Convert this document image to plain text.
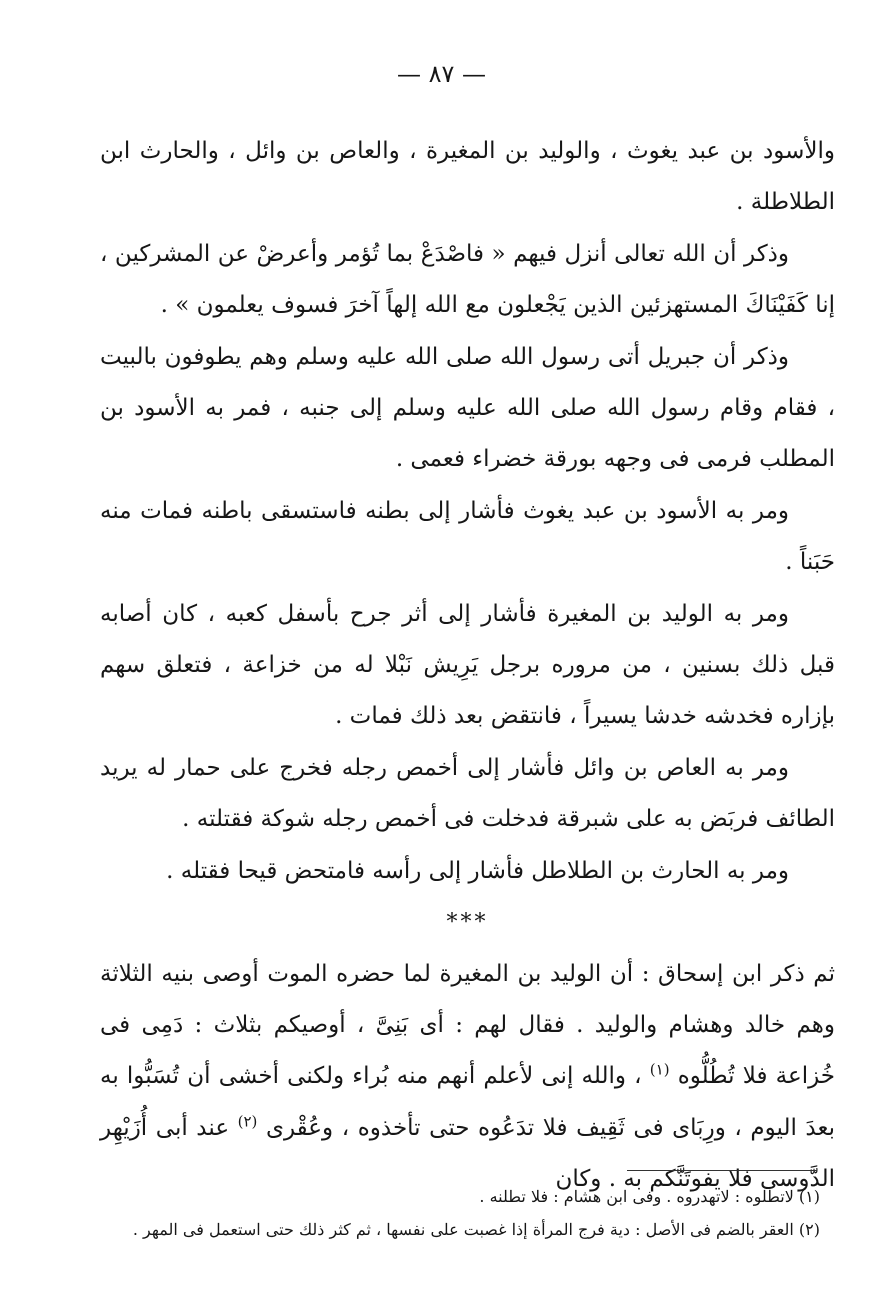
— ٨٧ —

والأسود بن عبد يغوث ، والوليد بن المغيرة ، والعاص بن وائل ، والحارث ابن الطلاطلة .

وذكر أن الله تعالى أنزل فيهم « فاصْدَعْ بما تُؤمر وأعرضْ عن المشركين ، إنا كَفَيْنَاكَ المستهزئين الذين يَجْعلون مع الله إلهاً آخرَ فسوف يعلمون » .

وذكر أن جبريل أتى رسول الله صلى الله عليه وسلم وهم يطوفون بالبيت ، فقام وقام رسول الله صلى الله عليه وسلم إلى جنبه ، فمر به الأسود بن المطلب فرمى فى وجهه بورقة خضراء فعمى .

ومر به الأسود بن عبد يغوث فأشار إلى بطنه فاستسقى باطنه فمات منه حَبَناً .

ومر به الوليد بن المغيرة فأشار إلى أثر جرح بأسفل كعبه ، كان أصابه قبل ذلك بسنين ، من مروره برجل يَرِيش نَبْلا له من خزاعة ، فتعلق سهم بإزاره فخدشه خدشا يسيراً ، فانتقض بعد ذلك فمات .

ومر به العاص بن وائل فأشار إلى أخمص رجله فخرج على حمار له يريد الطائف فربَض به على شبرقة فدخلت فى أخمص رجله شوكة فقتلته .

ومر به الحارث بن الطلاطل فأشار إلى رأسه فامتحض قيحا فقتله .

***

ثم ذكر ابن إسحاق : أن الوليد بن المغيرة لما حضره الموت أوصى بنيه الثلاثة وهم خالد وهشام والوليد . فقال لهم : أى بَنِىَّ ، أوصيكم بثلاث : دَمِى فى خُزاعة فلا تُطُلُّوه $^{(١)}$ ، والله إنى لأعلم أنهم منه بُراء ولكنى أخشى أن تُسَبُّوا به بعدَ اليوم ، ورِبَاى فى ثَقِيف فلا تدَعُوه حتى تأخذوه ، وعُقْرى $^{(٢)}$ عند أبى أُزَيْهِر الدَّوسى فلا يفوتَنَّكم به . وكان

(١) لاتطلوه : لاتهدروه . وفى ابن هشام : فلا تطلنه .

(٢) العقر بالضم فى الأصل : دية فرج المرأة إذا غصبت على نفسها ، ثم كثر ذلك حتى استعمل فى المهر .
